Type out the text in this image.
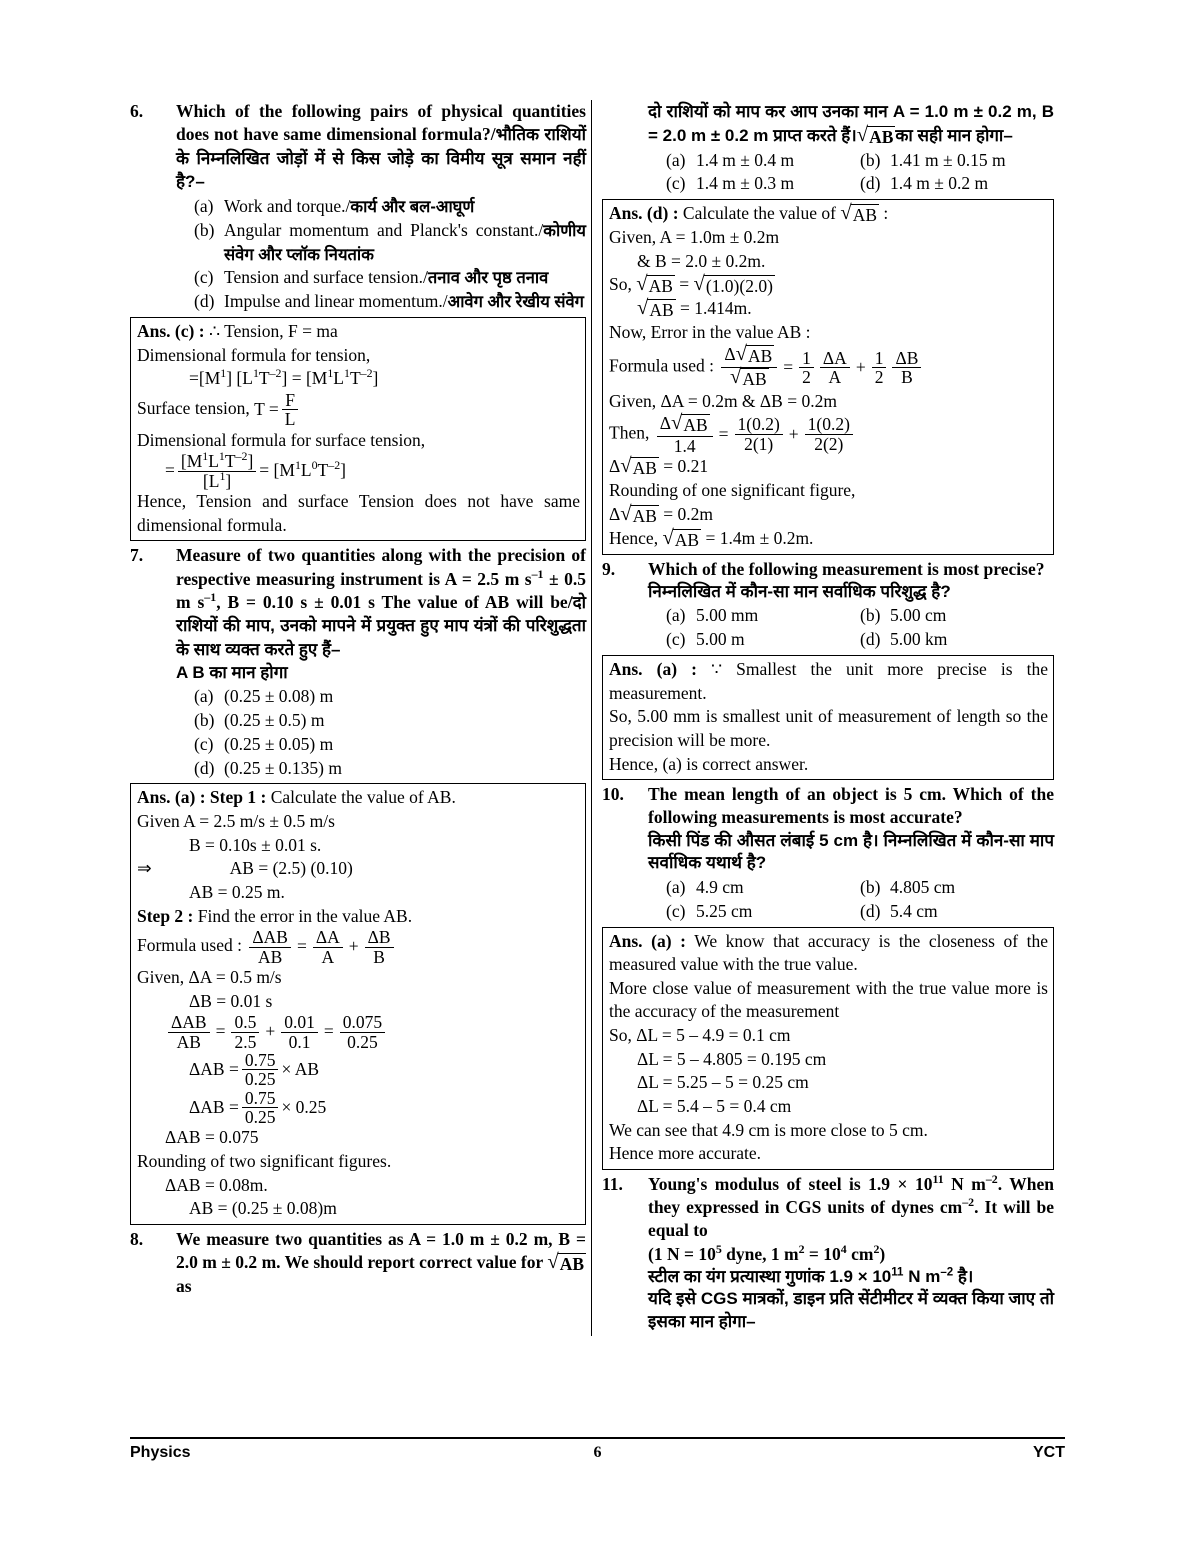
6.	Which of the following pairs of physical quantities does not have same dimensional formula?/भौतिक राशियों के निम्नलिखित जोड़ों में से किस जोड़े का विमीय सूत्र समान नहीं है?–
(a) Work and torque./कार्य और बल-आघूर्ण
(b) Angular momentum and Planck's constant./कोणीय संवेग और प्लॉक नियतांक
(c) Tension and surface tension./तनाव और पृष्ठ तनाव
(d) Impulse and linear momentum./आवेग और रेखीय संवेग

Ans. (c) : ∴ Tension, F = ma

Dimensional formula for tension,

$=[M^1] [L^1T^{-2}] = [M^1L^1T^{-2}]$

Surface tension, $T = \frac{F}{L}$

Dimensional formula for surface tension,

= $\frac{[M^1L^1T^{-2}]}{[L^1]} = [M^1L^0T^{-2}]$

Hence, Tension and surface Tension does not have same dimensional formula.

7.	Measure of two quantities along with the precision of respective measuring instrument is A = 2.5 m $s^{-1} \pm 0.5$ m $s^{-1}$, B = 0.10 s ± 0.01 s The value of AB will be/दो राशियों की माप, उनको मापने में प्रयुक्त हुए माप यंत्रों की परिशुद्धता के साथ व्यक्त करते हुए हैं–
A B का मान होगा
(a) (0.25 ± 0.08) m
(b) (0.25 ± 0.5) m
(c) (0.25 ± 0.05) m
(d) (0.25 ± 0.135) m

Ans. (a) : Step 1 : Calculate the value of AB.

Given A = 2.5 m/s ± 0.5 m/s

B = 0.10s ± 0.01 s.

⇒	AB = (2.5) (0.10)

AB = 0.25 m.

Step 2 : Find the error in the value AB.

Formula used : $\frac{\text{ΔAB}}{AB} = \frac{\Delta A}{A} + \frac{\Delta B}{B}$

Given, ΔA = 0.5 m/s

ΔB = 0.01 s

$\frac{\text{ΔAB}}{AB} = \frac{0.5}{2.5} + \frac{0.01}{0.1} = \frac{0.075}{0.25}$

$\Delta AB = \frac{0.75}{0.25}$ × AB

$\Delta AB = \frac{0.75}{0.25} \times 0.25$

ΔAB = 0.075

Rounding of two significant figures.

ΔAB = 0.08m.

AB = (0.25 ± 0.08)m

8.	We measure two quantities as A = 1.0 m ± 0.2 m, B = 2.0 m ± 0.2 m. We should report correct value for √ AB
as
दो राशियों को माप कर आप उनका मान A = 1.0 m ± 0.2 m, B = 2.0 m ± 0.2 m प्राप्त करते हैं। √ AB का सही मान होगा–
(a) 1.4 m ± 0.4 m	(b) 1.41 m ± 0.15 m
(c) 1.4 m ± 0.3 m	(d) 1.4 m ± 0.2 m

Ans. (d) : Calculate the value of √ AB :

Given, A = 1.0m ± 0.2m

& B = 2.0 ± 0.2m.

So, √ AB = √ (1.0)(2.0)

√ AB = 1.414m.

Now, Error in the value AB :

Formula used : $\frac{\Delta √ AB}{√ AB} = \frac{1}{2} \frac{\Delta A}{A} + \frac{1}{2} \frac{\Delta B}{B}$

Given, ΔA = 0.2m & ΔB = 0.2m

Then, $\frac{\Delta √ AB}{1.4} = \frac{1(0.2)}{2(1)} + \frac{1(0.2)}{2(2)}$

Δ √ AB = 0.21

Rounding of one significant figure,

Δ √ AB = 0.2m

Hence, √ AB = 1.4m ± 0.2m.

9.	Which of the following measurement is most precise?
निम्नलिखित में कौन-सा मान सर्वाधिक परिशुद्ध है?
(a) 5.00 mm	(b) 5.00 cm
(c) 5.00 m	(d) 5.00 km

Ans. (a) : ∵ Smallest the unit more precise is the measurement.

So, 5.00 mm is smallest unit of measurement of length so the precision will be more.

Hence, (a) is correct answer.

10.	The mean length of an object is 5 cm. Which of the following measurements is most accurate?
किसी पिंड की औसत लंबाई 5 cm है। निम्नलिखित में कौन-सा माप सर्वाधिक यथार्थ है?
(a) 4.9 cm	(b) 4.805 cm
(c) 5.25 cm	(d) 5.4 cm

Ans. (a) : We know that accuracy is the closeness of the measured value with the true value.

More close value of measurement with the true value more is the accuracy of the measurement

So, ΔL = 5 – 4.9 = 0.1 cm

ΔL = 5 – 4.805 = 0.195 cm

ΔL = 5.25 – 5 = 0.25 cm

ΔL = 5.4 – 5 = 0.4 cm

We can see that 4.9 cm is more close to 5 cm.

Hence more accurate.

11.	Young's modulus of steel is $1.9 \times 10^{11}$ N $m^{-2}$. When they expressed in CGS units of dynes $cm^{-2}$. It will be equal to
(1 $N = 10^5$ dyne, 1 $m^2 = 10^4$ $cm^2$)
स्टील का यंग प्रत्यास्था गुणांक $1.9 \times 10^{11}$ N $m^{-2}$ है।
यदि इसे CGS मात्रकों, डाइन प्रति सेंटीमीटर में व्यक्त किया जाए तो इसका मान होगा–
Physics	6	YCT
